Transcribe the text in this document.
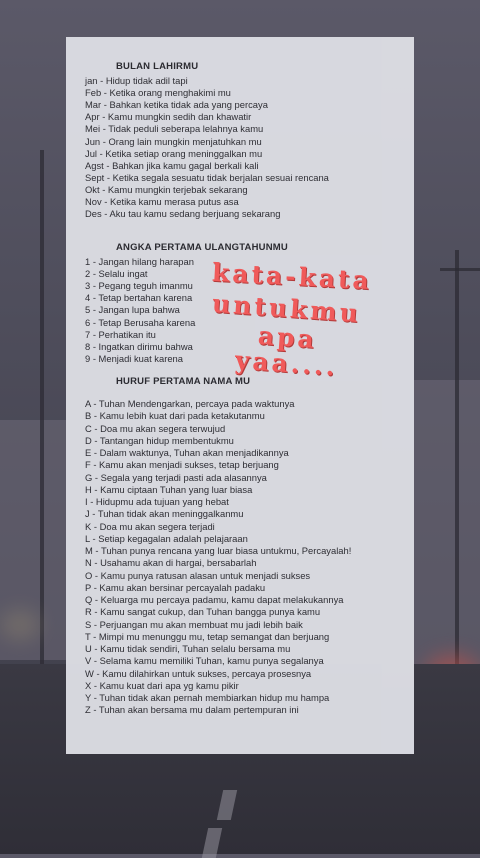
BULAN LAHIRMU
jan - Hidup tidak adil tapi
Feb - Ketika orang menghakimi mu
Mar - Bahkan ketika tidak ada yang percaya
Apr - Kamu mungkin sedih dan khawatir
Mei - Tidak peduli seberapa lelahnya kamu
Jun - Orang lain mungkin menjatuhkan mu
Jul - Ketika setiap orang meninggalkan mu
Agst - Bahkan jika kamu gagal berkali kali
Sept - Ketika segala sesuatu tidak berjalan sesuai rencana
Okt - Kamu mungkin terjebak sekarang
Nov - Ketika kamu merasa putus asa
Des - Aku tau kamu sedang berjuang sekarang
ANGKA PERTAMA ULANGTAHUNMU
1 - Jangan hilang harapan
2 - Selalu ingat
3 - Pegang teguh imanmu
4 - Tetap bertahan karena
5 - Jangan lupa bahwa
6 - Tetap Berusaha karena
7 - Perhatikan itu
8 - Ingatkan dirimu bahwa
9 - Menjadi kuat karena
HURUF PERTAMA NAMA MU
A - Tuhan Mendengarkan, percaya pada waktunya
B - Kamu lebih kuat dari pada ketakutanmu
C - Doa mu akan segera terwujud
D - Tantangan hidup membentukmu
E - Dalam waktunya, Tuhan akan menjadikannya
F - Kamu akan menjadi sukses, tetap berjuang
G - Segala yang terjadi pasti ada alasannya
H - Kamu ciptaan Tuhan yang luar biasa
I - Hidupmu ada tujuan yang hebat
J - Tuhan tidak akan meninggalkanmu
K - Doa mu akan segera terjadi
L - Setiap kegagalan adalah pelajaraan
M - Tuhan punya rencana yang luar biasa untukmu, Percayalah!
N - Usahamu akan di hargai, bersabarlah
O - Kamu punya ratusan alasan untuk menjadi sukses
P - Kamu akan bersinar percayalah padaku
Q - Keluarga mu percaya padamu, kamu dapat melakukannya
R - Kamu sangat cukup, dan Tuhan bangga punya kamu
S - Perjuangan mu akan membuat mu jadi lebih baik
T - Mimpi mu menunggu mu, tetap semangat dan berjuang
U - Kamu tidak sendiri, Tuhan selalu bersama mu
V - Selama kamu memiliki Tuhan, kamu punya segalanya
W - Kamu dilahirkan untuk sukses, percaya prosesnya
X - Kamu kuat dari apa yg kamu pikir
Y - Tuhan tidak akan pernah membiarkan hidup mu hampa
Z - Tuhan akan bersama mu dalam pertempuran ini
kata-kata
untukmu
apa
yaa....
